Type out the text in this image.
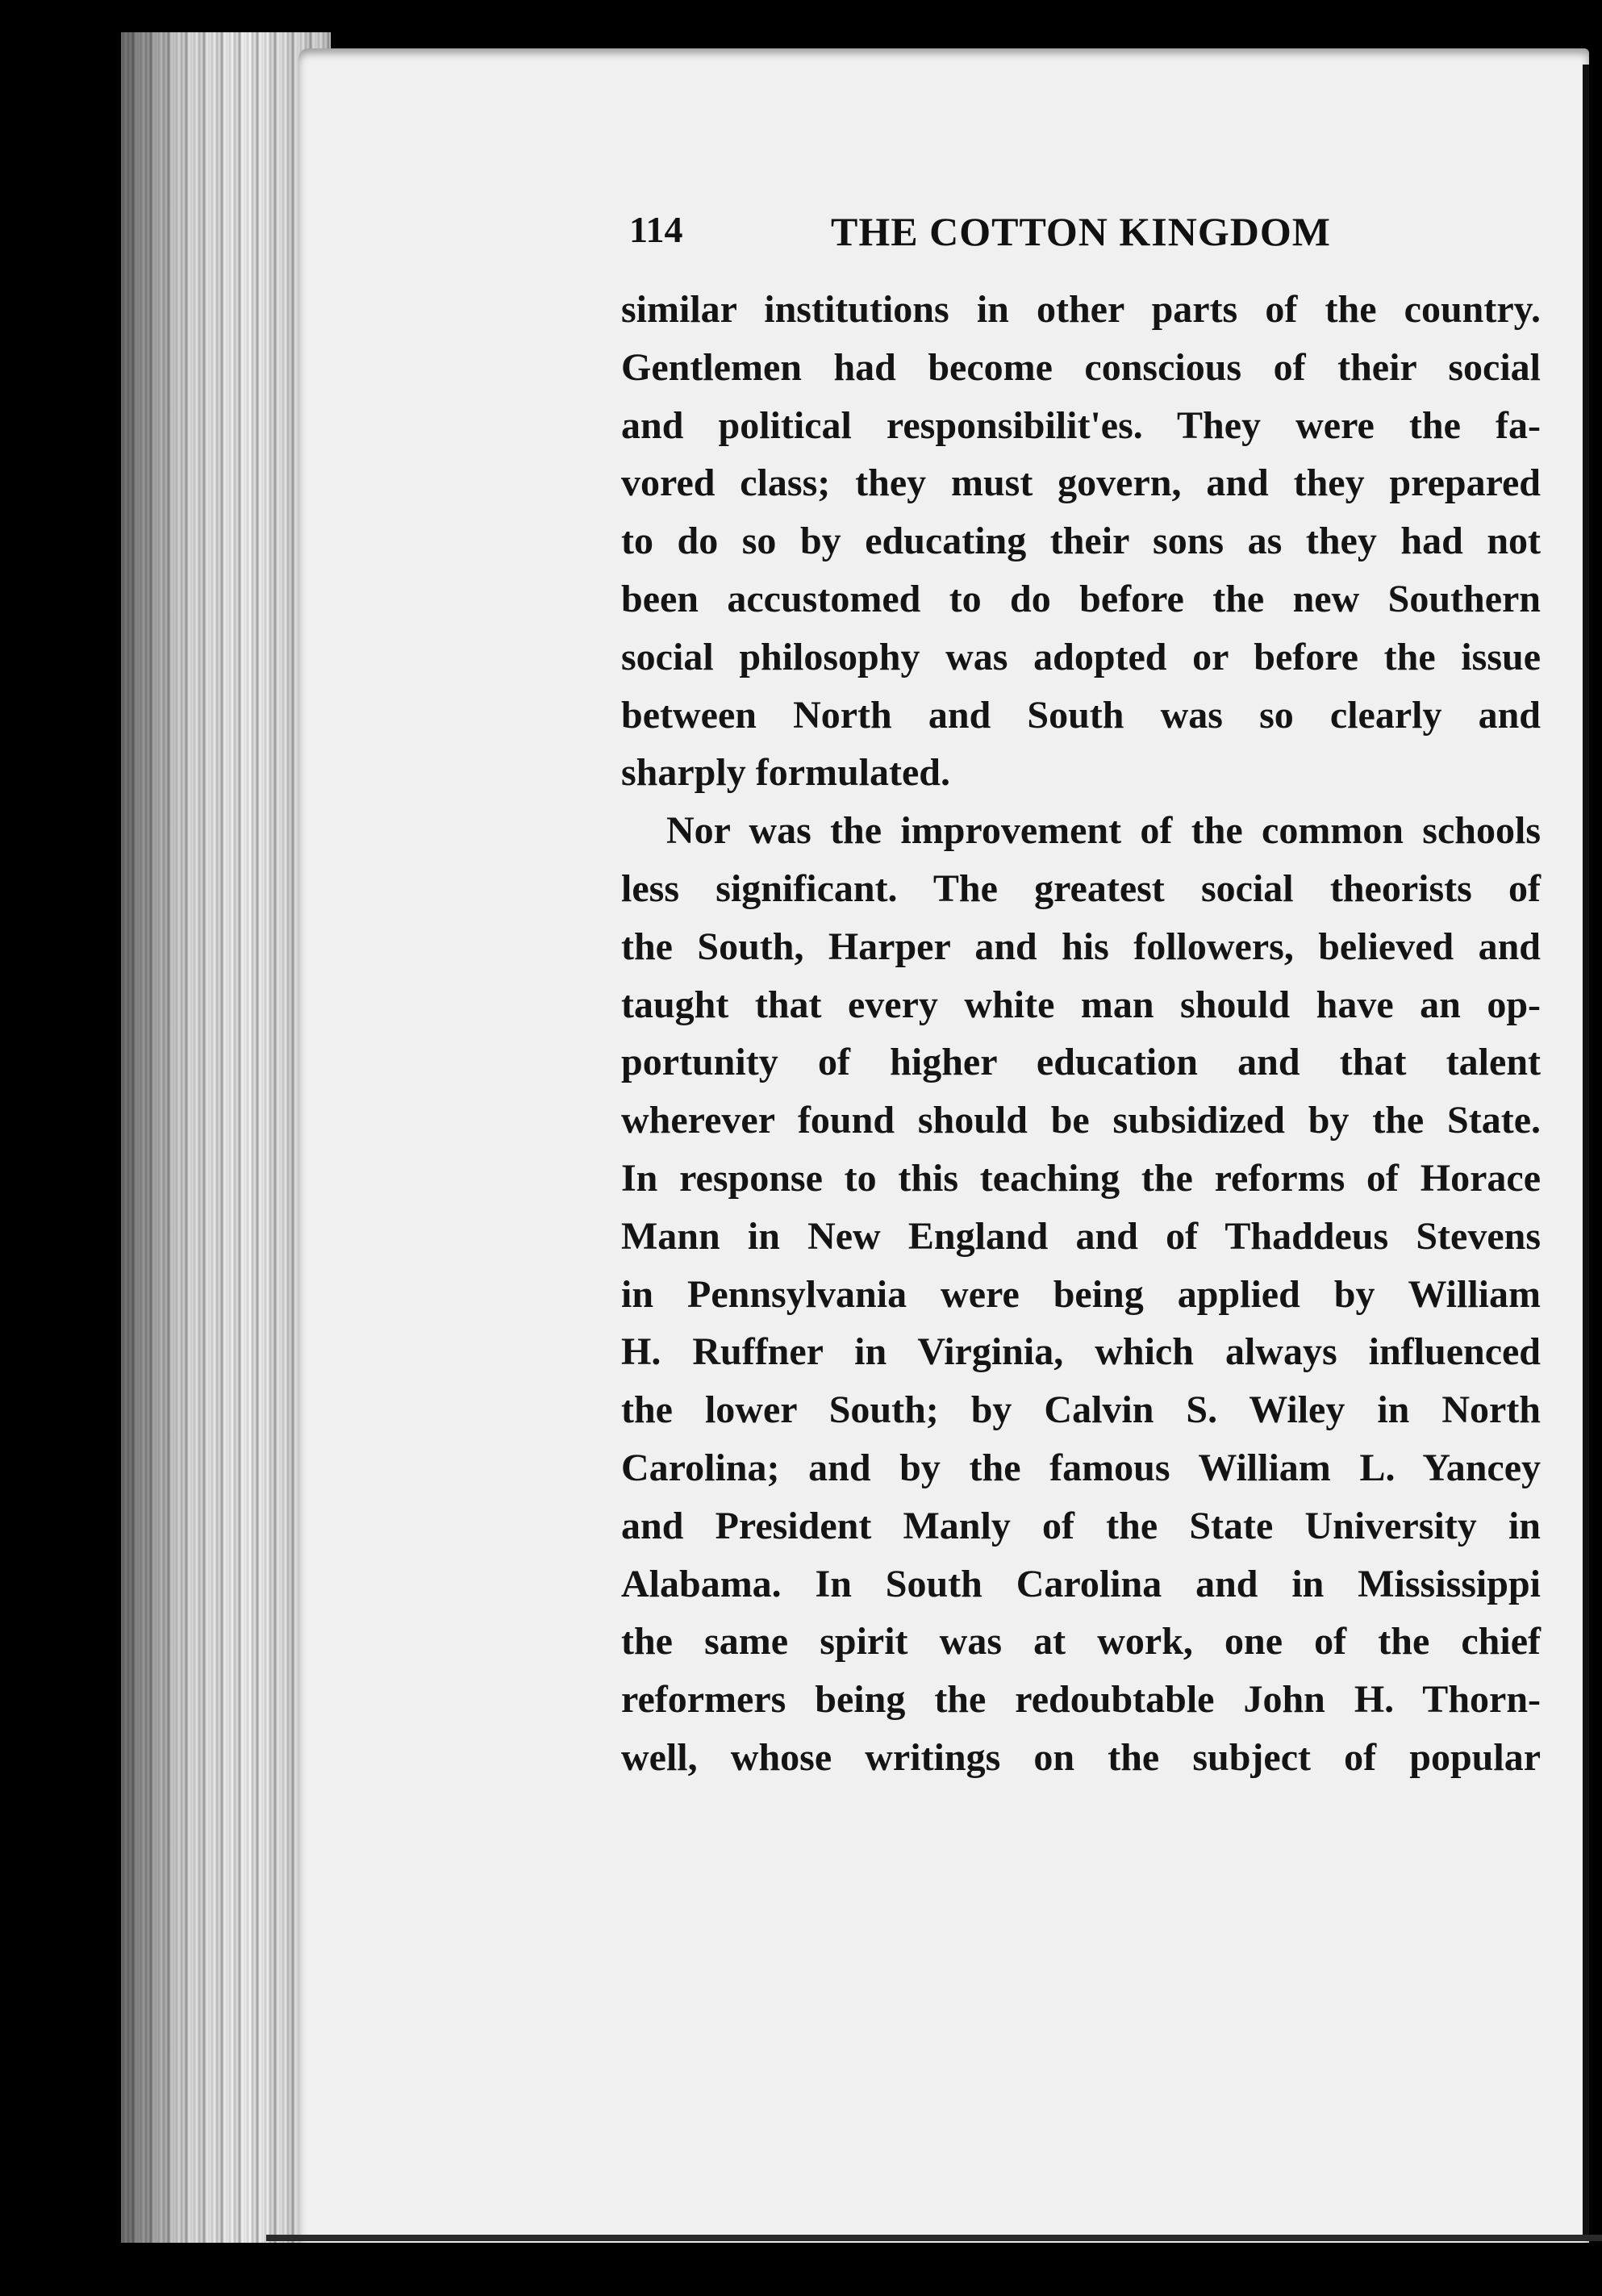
114	THE COTTON KINGDOM
similar institutions in other parts of the country.
Gentlemen had become conscious of their social
and political responsibilit'es. They were the fa-
vored class; they must govern, and they prepared
to do so by educating their sons as they had not
been accustomed to do before the new Southern
social philosophy was adopted or before the issue
between North and South was so clearly and
sharply formulated.
Nor was the improvement of the common schools
less significant. The greatest social theorists of
the South, Harper and his followers, believed and
taught that every white man should have an op-
portunity of higher education and that talent
wherever found should be subsidized by the State.
In response to this teaching the reforms of Horace
Mann in New England and of Thaddeus Stevens
in Pennsylvania were being applied by William
H. Ruffner in Virginia, which always influenced
the lower South; by Calvin S. Wiley in North
Carolina; and by the famous William L. Yancey
and President Manly of the State University in
Alabama. In South Carolina and in Mississippi
the same spirit was at work, one of the chief
reformers being the redoubtable John H. Thorn-
well, whose writings on the subject of popular
